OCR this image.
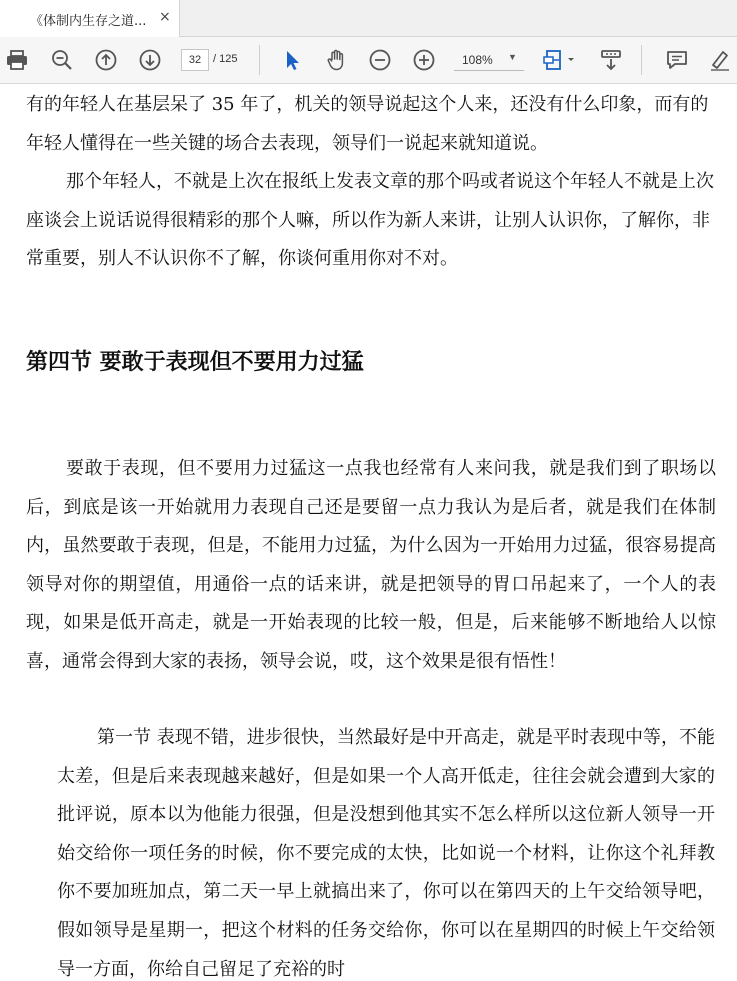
《体制内生存之道... ×
32	/ 125	108% ▼

有的年轻人在基层呆了 35 年了，机关的领导说起这个人来，还没有什么印象，而有的年轻人懂得在一些关键的场合去表现，领导们一说起来就知道说。

那个年轻人，不就是上次在报纸上发表文章的那个吗或者说这个年轻人不就是上次座谈会上说话说得很精彩的那个人嘛，所以作为新人来讲，让别人认识你，了解你，非常重要，别人不认识你不了解，你谈何重用你对不对。

第四节 要敢于表现但不要用力过猛

要敢于表现，但不要用力过猛这一点我也经常有人来问我，就是我们到了职场以后，到底是该一开始就用力表现自己还是要留一点力我认为是后者，就是我们在体制内，虽然要敢于表现，但是，不能用力过猛，为什么因为一开始用力过猛，很容易提高领导对你的期望值，用通俗一点的话来讲，就是把领导的胃口吊起来了，一个人的表现，如果是低开高走，就是一开始表现的比较一般，但是，后来能够不断地给人以惊喜，通常会得到大家的表扬，领导会说，哎，这个效果是很有悟性！

第一节 表现不错，进步很快，当然最好是中开高走，就是平时表现中等，不能太差，但是后来表现越来越好，但是如果一个人高开低走，往往会就会遭到大家的批评说，原本以为他能力很强，但是没想到他其实不怎么样所以这位新人领导一开始交给你一项任务的时候，你不要完成的太快，比如说一个材料，让你这个礼拜教你不要加班加点，第二天一早上就搞出来了，你可以在第四天的上午交给领导吧，假如领导是星期一，把这个材料的任务交给你，你可以在星期四的时候上午交给领导一方面，你给自己留足了充裕的时
